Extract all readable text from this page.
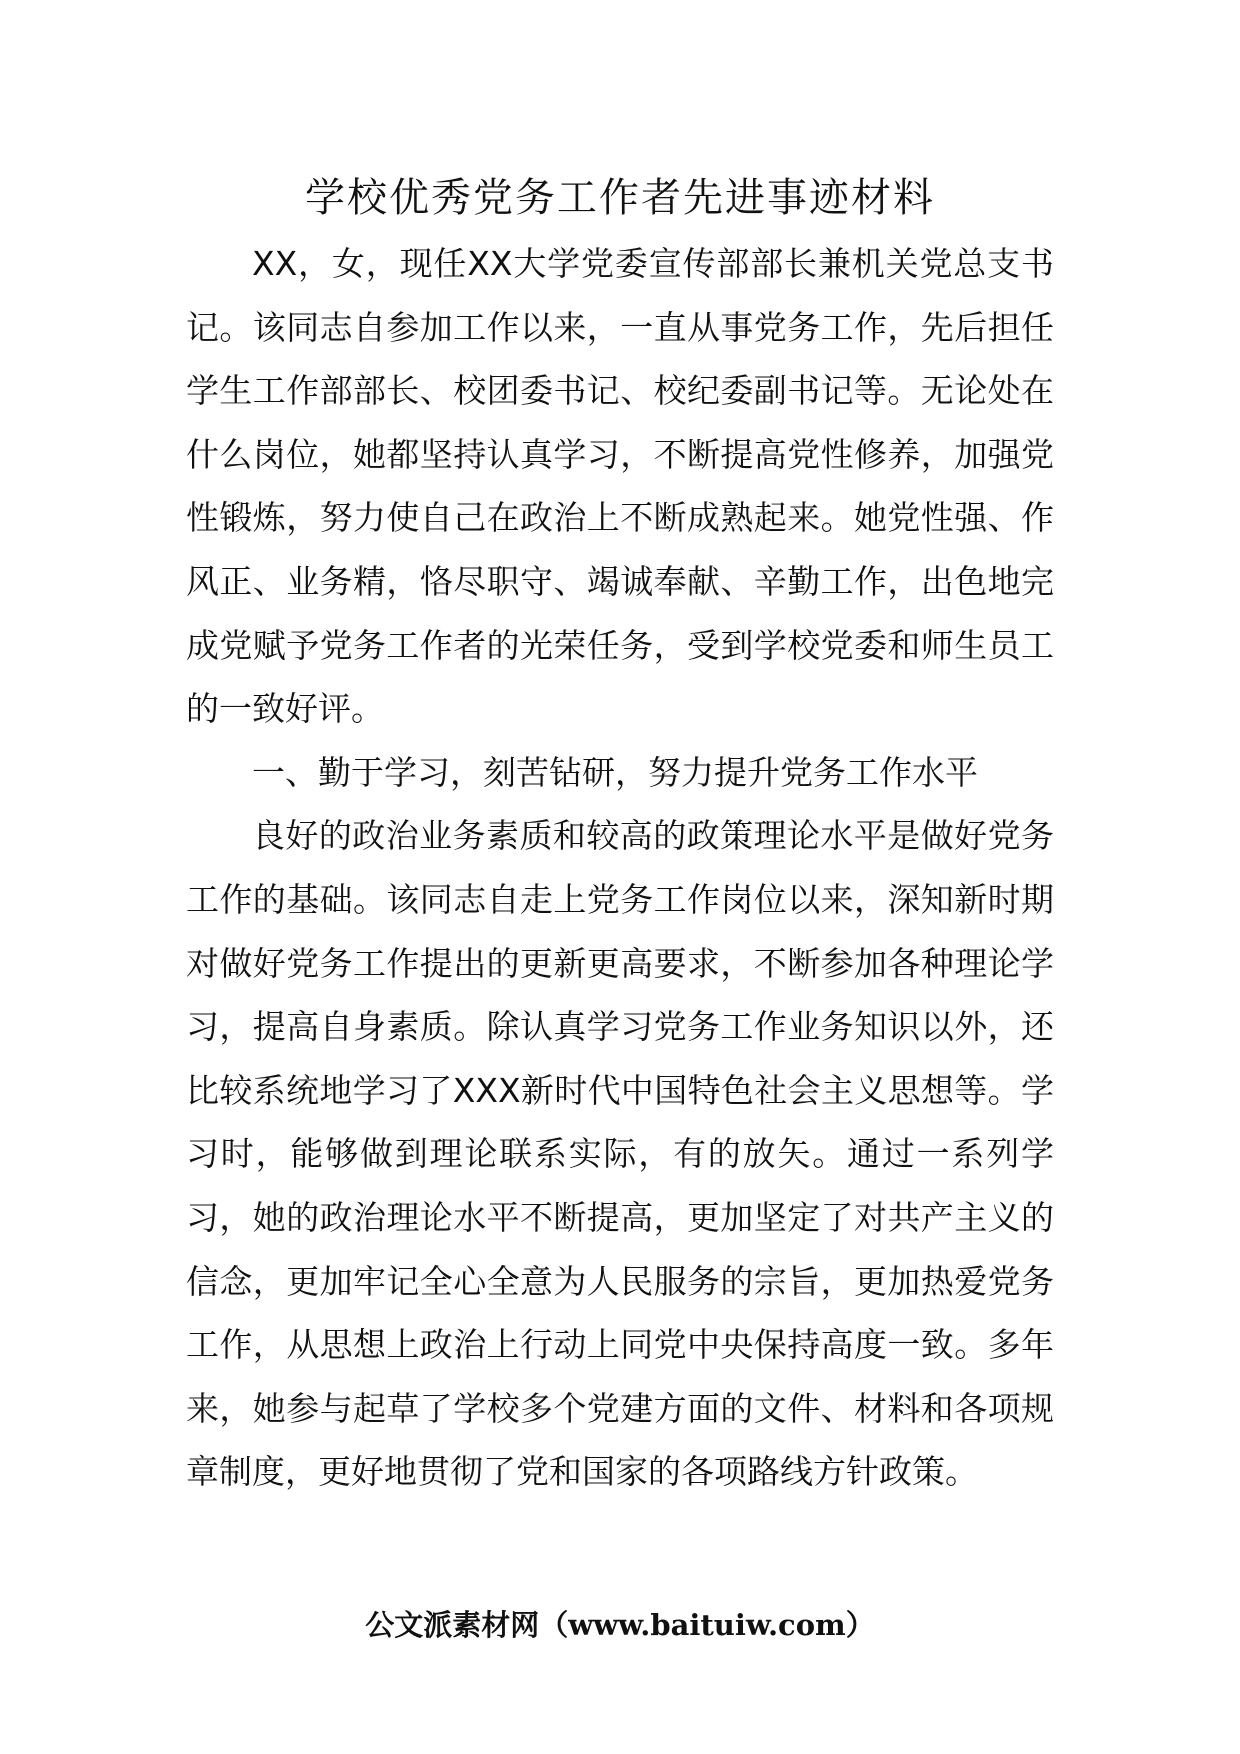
学校优秀党务工作者先进事迹材料

XX，女，现任XX大学党委宣传部部长兼机关党总支书记。该同志自参加工作以来，一直从事党务工作，先后担任学生工作部部长、校团委书记、校纪委副书记等。无论处在什么岗位，她都坚持认真学习，不断提高党性修养，加强党性锻炼，努力使自己在政治上不断成熟起来。她党性强、作风正、业务精，恪尽职守、竭诚奉献、辛勤工作，出色地完成党赋予党务工作者的光荣任务，受到学校党委和师生员工的一致好评。

一、勤于学习，刻苦钻研，努力提升党务工作水平

良好的政治业务素质和较高的政策理论水平是做好党务工作的基础。该同志自走上党务工作岗位以来，深知新时期对做好党务工作提出的更新更高要求，不断参加各种理论学习，提高自身素质。除认真学习党务工作业务知识以外，还比较系统地学习了XXX新时代中国特色社会主义思想等。学习时，能够做到理论联系实际，有的放矢。通过一系列学习，她的政治理论水平不断提高，更加坚定了对共产主义的信念，更加牢记全心全意为人民服务的宗旨，更加热爱党务工作，从思想上政治上行动上同党中央保持高度一致。多年来，她参与起草了学校多个党建方面的文件、材料和各项规章制度，更好地贯彻了党和国家的各项路线方针政策。

公文派素材网（www.baituiw.com）
